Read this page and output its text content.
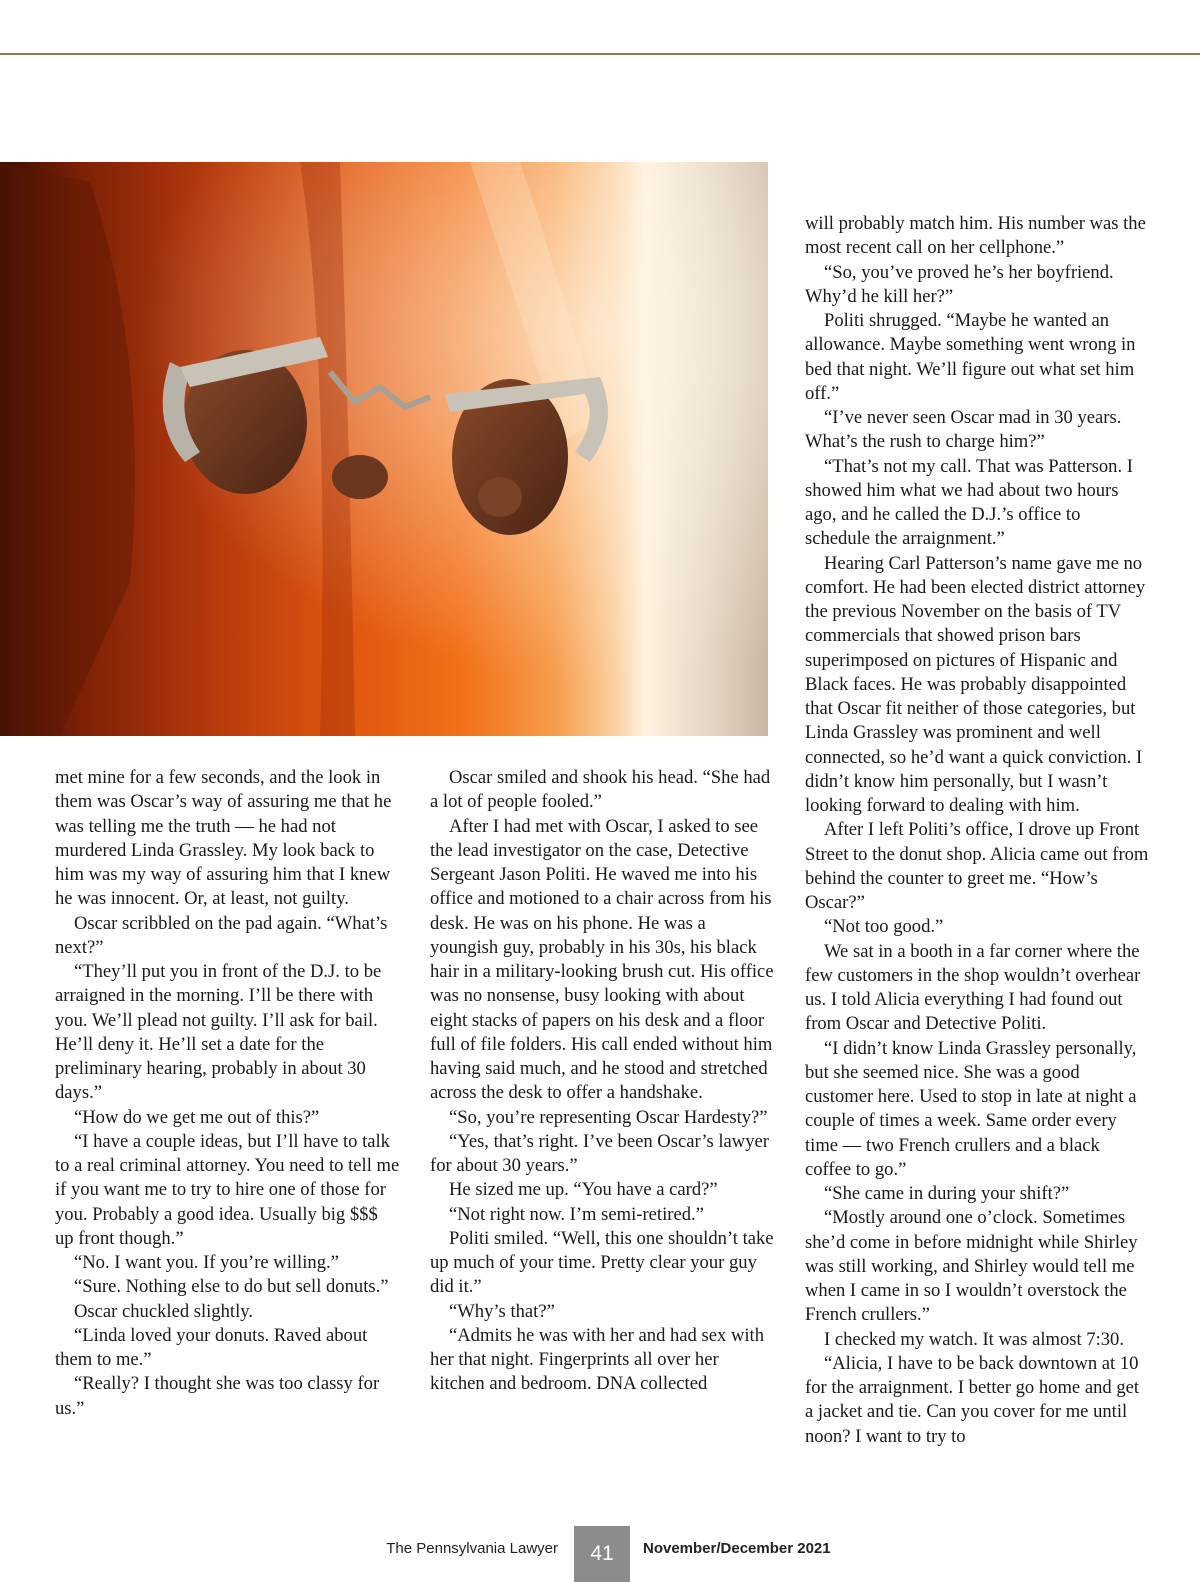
met mine for a few seconds, and the look in them was Oscar’s way of assuring me that he was telling me the truth — he had not murdered Linda Grassley. My look back to him was my way of assuring him that I knew he was innocent. Or, at least, not guilty.

Oscar scribbled on the pad again. “What’s next?”

“They’ll put you in front of the D.J. to be arraigned in the morning. I’ll be there with you. We’ll plead not guilty. I’ll ask for bail. He’ll deny it. He’ll set a date for the preliminary hearing, probably in about 30 days.”

“How do we get me out of this?”

“I have a couple ideas, but I’ll have to talk to a real criminal attorney. You need to tell me if you want me to try to hire one of those for you. Probably a good idea. Usually big $$$ up front though.”

“No. I want you. If you’re willing.”

“Sure. Nothing else to do but sell donuts.”

Oscar chuckled slightly.

“Linda loved your donuts. Raved about them to me.”

“Really? I thought she was too classy for us.”

Oscar smiled and shook his head. “She had a lot of people fooled.”

After I had met with Oscar, I asked to see the lead investigator on the case, Detective Sergeant Jason Politi. He waved me into his office and motioned to a chair across from his desk. He was on his phone. He was a youngish guy, probably in his 30s, his black hair in a military-looking brush cut. His office was no nonsense, busy looking with about eight stacks of papers on his desk and a floor full of file folders. His call ended without him having said much, and he stood and stretched across the desk to offer a handshake.

“So, you’re representing Oscar Hardesty?”

“Yes, that’s right. I’ve been Oscar’s lawyer for about 30 years.”

He sized me up. “You have a card?”

“Not right now. I’m semi-retired.”

Politi smiled. “Well, this one shouldn’t take up much of your time. Pretty clear your guy did it.”

“Why’s that?”

“Admits he was with her and had sex with her that night. Fingerprints all over her kitchen and bedroom. DNA collected

will probably match him. His number was the most recent call on her cellphone.”

“So, you’ve proved he’s her boyfriend. Why’d he kill her?”

Politi shrugged. “Maybe he wanted an allowance. Maybe something went wrong in bed that night. We’ll figure out what set him off.”

“I’ve never seen Oscar mad in 30 years. What’s the rush to charge him?”

“That’s not my call. That was Patterson. I showed him what we had about two hours ago, and he called the D.J.’s office to schedule the arraignment.”

Hearing Carl Patterson’s name gave me no comfort. He had been elected district attorney the previous November on the basis of TV commercials that showed prison bars superimposed on pictures of Hispanic and Black faces. He was probably disappointed that Oscar fit neither of those categories, but Linda Grassley was prominent and well connected, so he’d want a quick conviction. I didn’t know him personally, but I wasn’t looking forward to dealing with him.

After I left Politi’s office, I drove up Front Street to the donut shop. Alicia came out from behind the counter to greet me. “How’s Oscar?”

“Not too good.”

We sat in a booth in a far corner where the few customers in the shop wouldn’t overhear us. I told Alicia everything I had found out from Oscar and Detective Politi.

“I didn’t know Linda Grassley personally, but she seemed nice. She was a good customer here. Used to stop in late at night a couple of times a week. Same order every time — two French crullers and a black coffee to go.”

“She came in during your shift?”

“Mostly around one o’clock. Sometimes she’d come in before midnight while Shirley was still working, and Shirley would tell me when I came in so I wouldn’t overstock the French crullers.”

I checked my watch. It was almost 7:30.

“Alicia, I have to be back downtown at 10 for the arraignment. I better go home and get a jacket and tie. Can you cover for me until noon? I want to try to

The Pennsylvania Lawyer 41 November/December 2021
